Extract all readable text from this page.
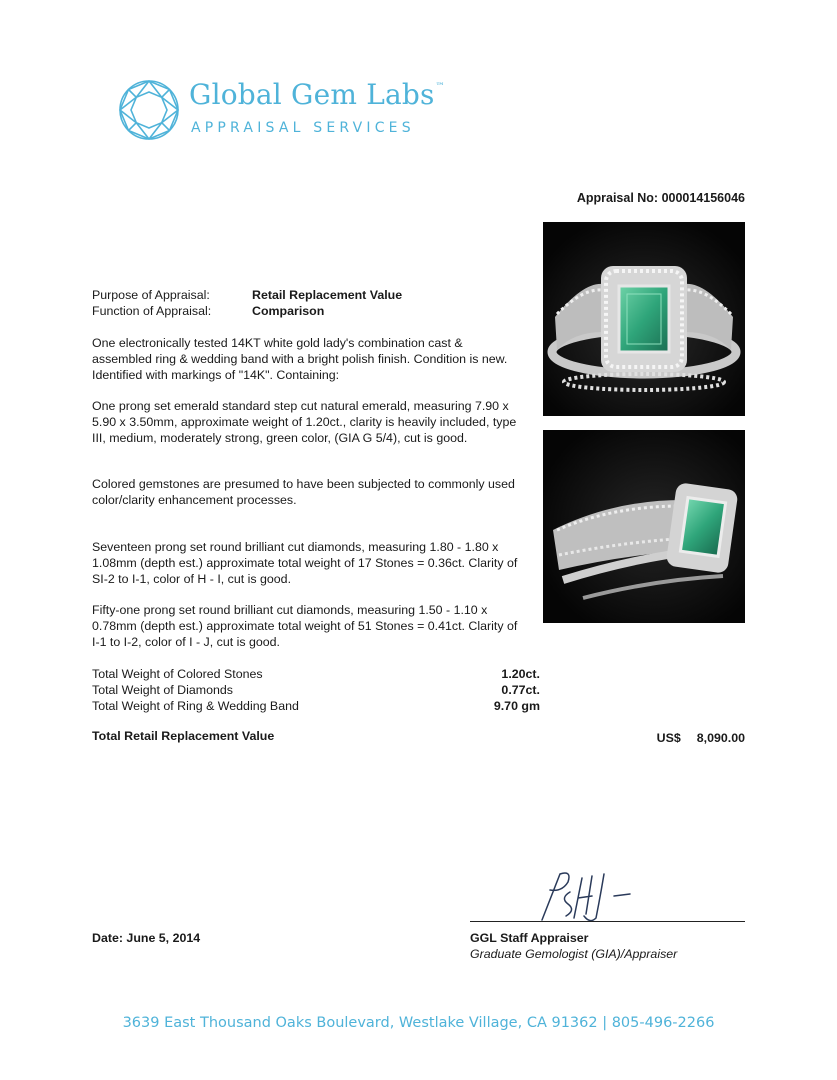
Global Gem Labs™
APPRAISAL SERVICES
Appraisal No: 000014156046
Purpose of Appraisal:	Retail Replacement Value
Function of Appraisal:	Comparison

One electronically tested 14KT white gold lady's combination cast & assembled ring & wedding band with a bright polish finish. Condition is new. Identified with markings of "14K". Containing:

One prong set emerald standard step cut natural emerald, measuring 7.90 x 5.90 x 3.50mm, approximate weight of 1.20ct., clarity is heavily included, type III, medium, moderately strong, green color, (GIA G 5/4), cut is good.

Colored gemstones are presumed to have been subjected to commonly used color/clarity enhancement processes.

Seventeen prong set round brilliant cut diamonds, measuring 1.80 - 1.80 x 1.08mm (depth est.) approximate total weight of 17 Stones = 0.36ct. Clarity of SI-2 to I-1, color of H - I, cut is good.

Fifty-one prong set round brilliant cut diamonds, measuring 1.50 - 1.10 x 0.78mm (depth est.) approximate total weight of 51 Stones = 0.41ct. Clarity of I-1 to I-2, color of I - J, cut is good.

Total Weight of Colored Stones	1.20ct.
Total Weight of Diamonds	0.77ct.
Total Weight of Ring & Wedding Band	9.70 gm
Total Retail Replacement Value	US$ 8,090.00
Date: June 5, 2014	GGL Staff Appraiser
Graduate Gemologist (GIA)/Appraiser
3639 East Thousand Oaks Boulevard, Westlake Village, CA 91362 | 805-496-2266
